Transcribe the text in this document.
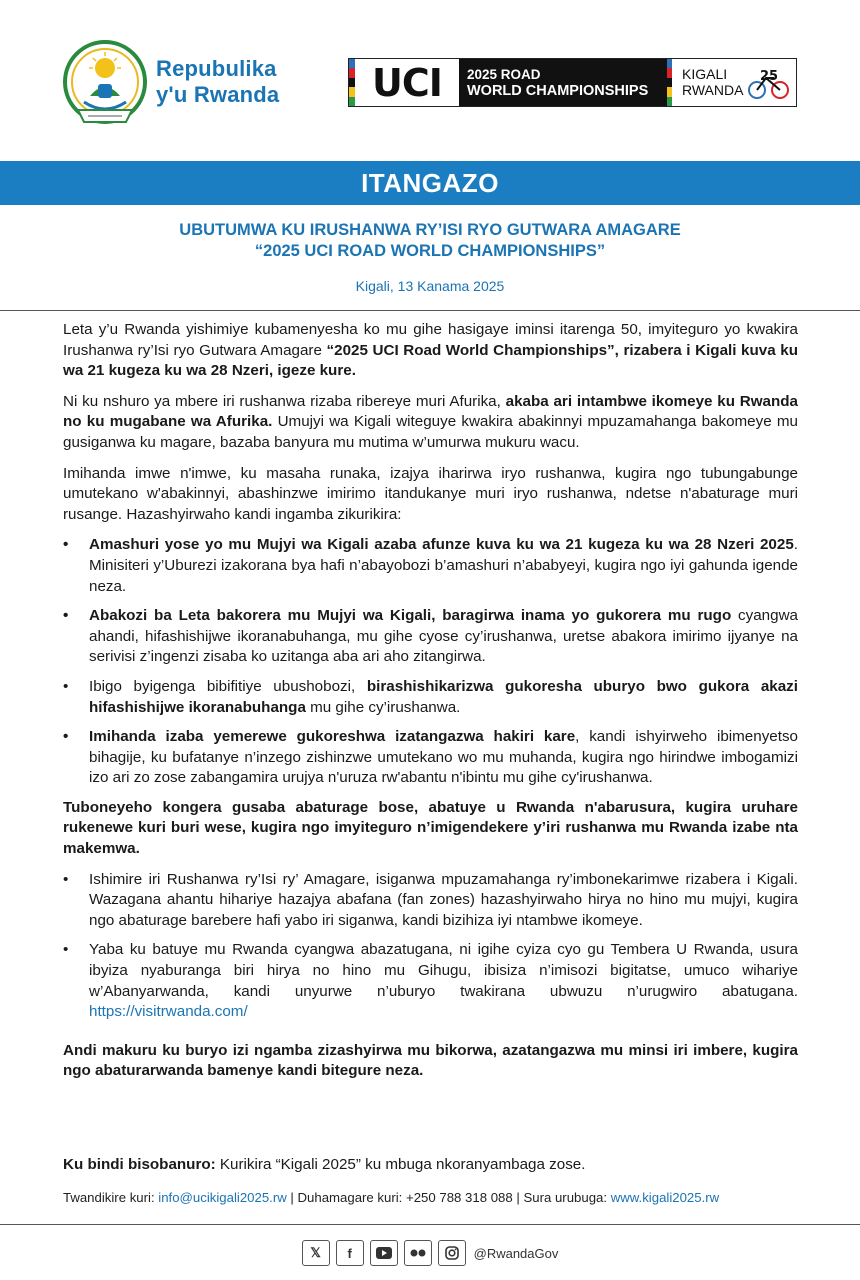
Repubulika
y'u Rwanda	UCI	2025 ROAD
WORLD CHAMPIONSHIPS
KIGALI
RWANDA
25
ITANGAZO
UBUTUMWA KU IRUSHANWA RY’ISI RYO GUTWARA AMAGARE
“2025 UCI ROAD WORLD CHAMPIONSHIPS”
Kigali, 13 Kanama 2025

Leta y’u Rwanda yishimiye kubamenyesha ko mu gihe hasigaye iminsi itarenga 50, imyiteguro yo kwakira Irushanwa ry’Isi ryo Gutwara Amagare “2025 UCI Road World Championships”, rizabera i Kigali kuva ku wa 21 kugeza ku wa 28 Nzeri, igeze kure.

Ni ku nshuro ya mbere iri rushanwa rizaba ribereye muri Afurika, akaba ari intambwe ikomeye ku Rwanda no ku mugabane wa Afurika. Umujyi wa Kigali witeguye kwakira abakinnyi mpuzamahanga bakomeye mu gusiganwa ku magare, bazaba banyura mu mutima w’umurwa mukuru wacu.

Imihanda imwe n'imwe, ku masaha runaka, izajya iharirwa iryo rushanwa, kugira ngo tubungabunge umutekano w'abakinnyi, abashinzwe imirimo itandukanye muri iryo rushanwa, ndetse n'abaturage muri rusange. Hazashyirwaho kandi ingamba zikurikira:

• Amashuri yose yo mu Mujyi wa Kigali azaba afunze kuva ku wa 21 kugeza ku wa 28 Nzeri 2025. Minisiteri y’Uburezi izakorana bya hafi n’abayobozi b’amashuri n’ababyeyi, kugira ngo iyi gahunda igende neza.
• Abakozi ba Leta bakorera mu Mujyi wa Kigali, baragirwa inama yo gukorera mu rugo cyangwa ahandi, hifashishijwe ikoranabuhanga, mu gihe cyose cy’irushanwa, uretse abakora imirimo ijyanye na serivisi z’ingenzi zisaba ko uzitanga aba ari aho zitangirwa.
• Ibigo byigenga bibifitiye ubushobozi, birashishikarizwa gukoresha uburyo bwo gukora akazi hifashishijwe ikoranabuhanga mu gihe cy’irushanwa.
• Imihanda izaba yemerewe gukoreshwa izatangazwa hakiri kare, kandi ishyirweho ibimenyetso bihagije, ku bufatanye n’inzego zishinzwe umutekano wo mu muhanda, kugira ngo hirindwe imbogamizi izo ari zo zose zabangamira urujya n'uruza rw'abantu n'ibintu mu gihe cy'irushanwa.

Tuboneyeho kongera gusaba abaturage bose, abatuye u Rwanda n'abarusura, kugira uruhare rukenewe kuri buri wese, kugira ngo imyiteguro n’imigendekere y’iri rushanwa mu Rwanda izabe nta makemwa.

• Ishimire iri Rushanwa ry’Isi ry’ Amagare, isiganwa mpuzamahanga ry’imbonekarimwe rizabera i Kigali. Wazagana ahantu hihariye hazajya abafana (fan zones) hazashyirwaho hirya no hino mu mujyi, kugira ngo abaturage barebere hafi yabo iri siganwa, kandi bizihiza iyi ntambwe ikomeye.
• Yaba ku batuye mu Rwanda cyangwa abazatugana, ni igihe cyiza cyo gu Tembera U Rwanda, usura ibyiza nyaburanga biri hirya no hino mu Gihugu, ibisiza n’imisozi bigitatse, umuco wihariye w’Abanyarwanda, kandi unyurwe n’uburyo twakirana ubwuzu n’urugwiro abatugana. https://visitrwanda.com/

Andi makuru ku buryo izi ngamba zizashyirwa mu bikorwa, azatangazwa mu minsi iri imbere, kugira ngo abaturarwanda bamenye kandi bitegure neza.

Ku bindi bisobanuro: Kurikira “Kigali 2025” ku mbuga nkoranyambaga zose.
Twandikire kuri: info@ucikigali2025.rw | Duhamagare kuri: +250 788 318 088 | Sura urubuga: www.kigali2025.rw
𝕏	f	@RwandaGov
